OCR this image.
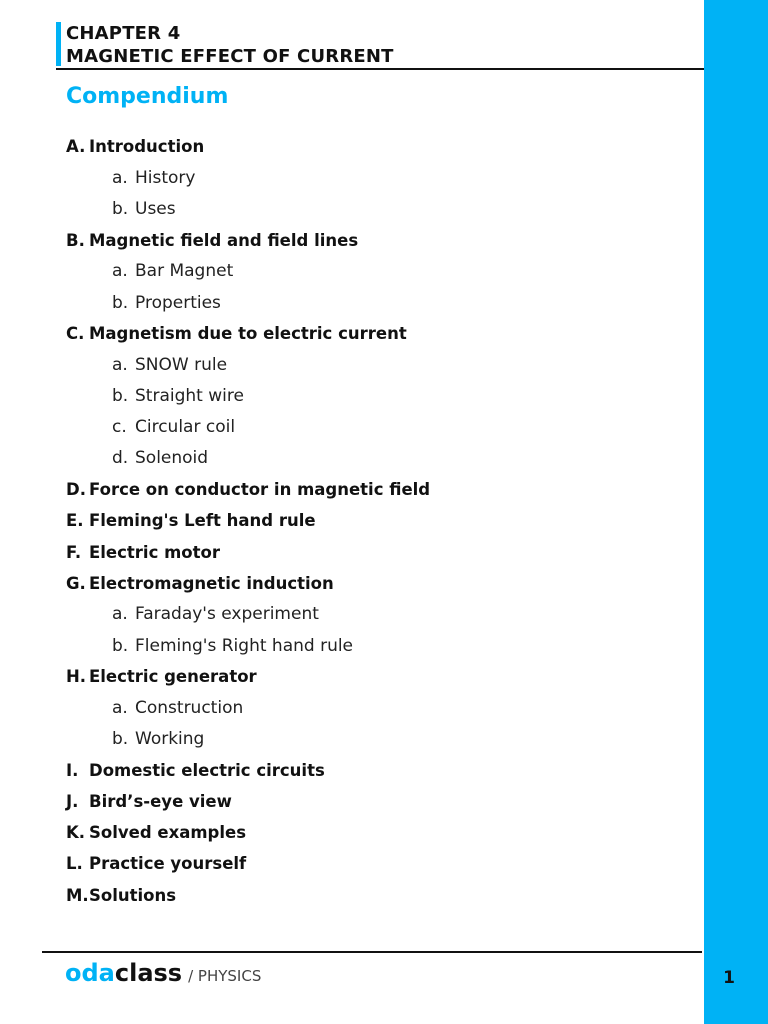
CHAPTER 4
MAGNETIC EFFECT OF CURRENT
Compendium
A. Introduction
a. History
b. Uses
B. Magnetic field and field lines
a. Bar Magnet
b. Properties
C. Magnetism due to electric current
a. SNOW rule
b. Straight wire
c. Circular coil
d. Solenoid
D. Force on conductor in magnetic field
E. Fleming's Left hand rule
F. Electric motor
G. Electromagnetic induction
a. Faraday's experiment
b. Fleming's Right hand rule
H. Electric generator
a. Construction
b. Working
I. Domestic electric circuits
J. Bird’s-eye view
K. Solved examples
L. Practice yourself
M. Solutions
odaclass / PHYSICS	1
